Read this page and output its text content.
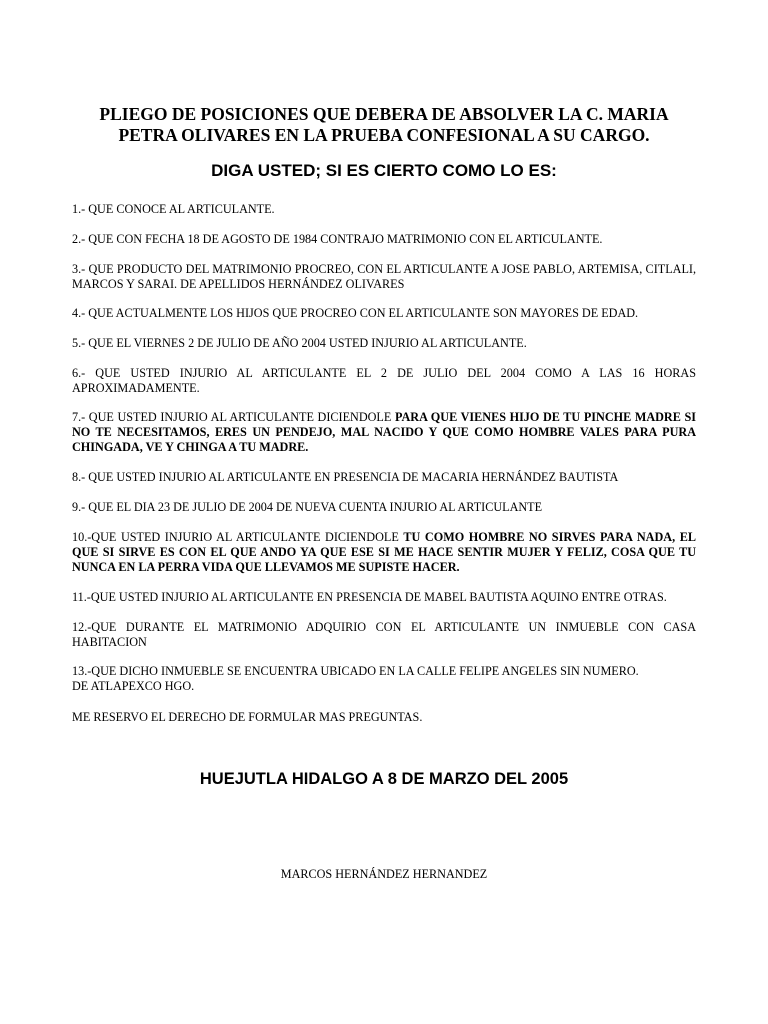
PLIEGO DE POSICIONES QUE DEBERA DE ABSOLVER LA C. MARIA
PETRA OLIVARES EN LA PRUEBA CONFESIONAL A SU CARGO.
DIGA USTED; SI ES CIERTO COMO LO ES:

1.- QUE CONOCE AL ARTICULANTE.

2.- QUE CON FECHA 18 DE AGOSTO DE 1984 CONTRAJO MATRIMONIO CON EL ARTICULANTE.

3.- QUE PRODUCTO DEL MATRIMONIO PROCREO, CON EL ARTICULANTE A JOSE PABLO, ARTEMISA, CITLALI, MARCOS Y SARAI. DE APELLIDOS HERNÁNDEZ OLIVARES

4.- QUE ACTUALMENTE LOS HIJOS QUE PROCREO CON EL ARTICULANTE SON MAYORES DE EDAD.

5.- QUE EL VIERNES 2 DE JULIO DE AÑO 2004 USTED INJURIO AL ARTICULANTE.

6.- QUE USTED INJURIO AL ARTICULANTE EL 2 DE JULIO DEL 2004 COMO A LAS 16 HORAS APROXIMADAMENTE.

7.- QUE USTED INJURIO AL ARTICULANTE DICIENDOLE PARA QUE VIENES HIJO DE TU PINCHE MADRE SI NO TE NECESITAMOS, ERES UN PENDEJO, MAL NACIDO Y QUE COMO HOMBRE VALES PARA PURA CHINGADA, VE Y CHINGA A TU MADRE.

8.- QUE USTED INJURIO AL ARTICULANTE EN PRESENCIA DE MACARIA HERNÁNDEZ BAUTISTA

9.- QUE EL DIA 23 DE JULIO DE 2004 DE NUEVA CUENTA INJURIO AL ARTICULANTE

10.-QUE USTED INJURIO AL ARTICULANTE DICIENDOLE TU COMO HOMBRE NO SIRVES PARA NADA, EL QUE SI SIRVE ES CON EL QUE ANDO YA QUE ESE SI ME HACE SENTIR MUJER Y FELIZ, COSA QUE TU NUNCA EN LA PERRA VIDA QUE LLEVAMOS ME SUPISTE HACER.

11.-QUE USTED INJURIO AL ARTICULANTE EN PRESENCIA DE MABEL BAUTISTA AQUINO ENTRE OTRAS.

12.-QUE DURANTE EL MATRIMONIO ADQUIRIO CON EL ARTICULANTE UN INMUEBLE CON CASA HABITACION

13.-QUE DICHO INMUEBLE SE ENCUENTRA UBICADO EN LA CALLE FELIPE ANGELES SIN NUMERO.
DE ATLAPEXCO HGO.

ME RESERVO EL DERECHO DE FORMULAR MAS PREGUNTAS.

HUEJUTLA HIDALGO A 8 DE MARZO DEL 2005
MARCOS HERNÁNDEZ HERNANDEZ
